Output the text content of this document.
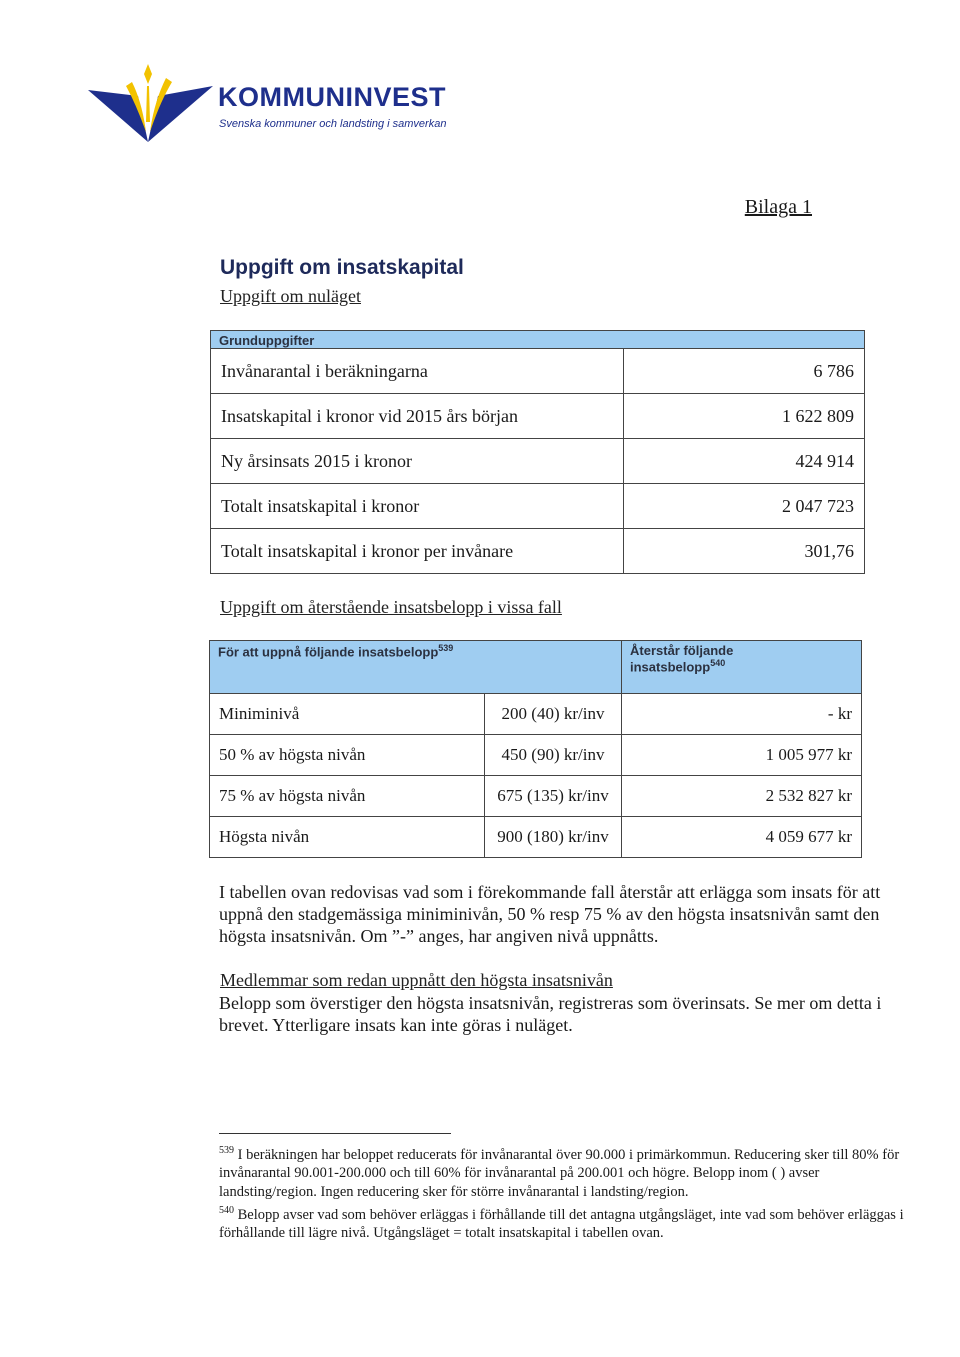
KOMMUNINVEST
Svenska kommuner och landsting i samverkan
Bilaga 1
Uppgift om insatskapital
Uppgift om nuläget
Grunduppgifter	
Invånarantal i beräkningarna	6 786
Insatskapital i kronor vid 2015 års början	1 622 809
Ny årsinsats 2015 i kronor	424 914
Totalt insatskapital i kronor	2 047 723
Totalt insatskapital i kronor per invånare	301,76
Uppgift om återstående insatsbelopp i vissa fall
För att uppnå följande insatsbelopp$^{539}$		Återstår följande
insatsbelopp$^{540}$
Miniminivå	200 (40) kr/inv	- kr
50 % av högsta nivån	450 (90) kr/inv	1 005 977 kr
75 % av högsta nivån	675 (135) kr/inv	2 532 827 kr
Högsta nivån	900 (180) kr/inv	4 059 677 kr
I tabellen ovan redovisas vad som i förekommande fall återstår att erlägga som insats för att uppnå den stadgemässiga miniminivån, 50 % resp 75 % av den högsta insatsnivån samt den högsta insatsnivån. Om ”-” anges, har angiven nivå uppnåtts.
Medlemmar som redan uppnått den högsta insatsnivån
Belopp som överstiger den högsta insatsnivån, registreras som överinsats. Se mer om detta i brevet. Ytterligare insats kan inte göras i nuläget.
$^{539}$ I beräkningen har beloppet reducerats för invånarantal över 90.000 i primärkommun. Reducering sker till 80% för invånarantal 90.001-200.000 och till 60% för invånarantal på 200.001 och högre. Belopp inom ( ) avser landsting/region. Ingen reducering sker för större invånarantal i landsting/region.
$^{540}$ Belopp avser vad som behöver erläggas i förhållande till det antagna utgångsläget, inte vad som behöver erläggas i förhållande till lägre nivå. Utgångsläget = totalt insatskapital i tabellen ovan.
